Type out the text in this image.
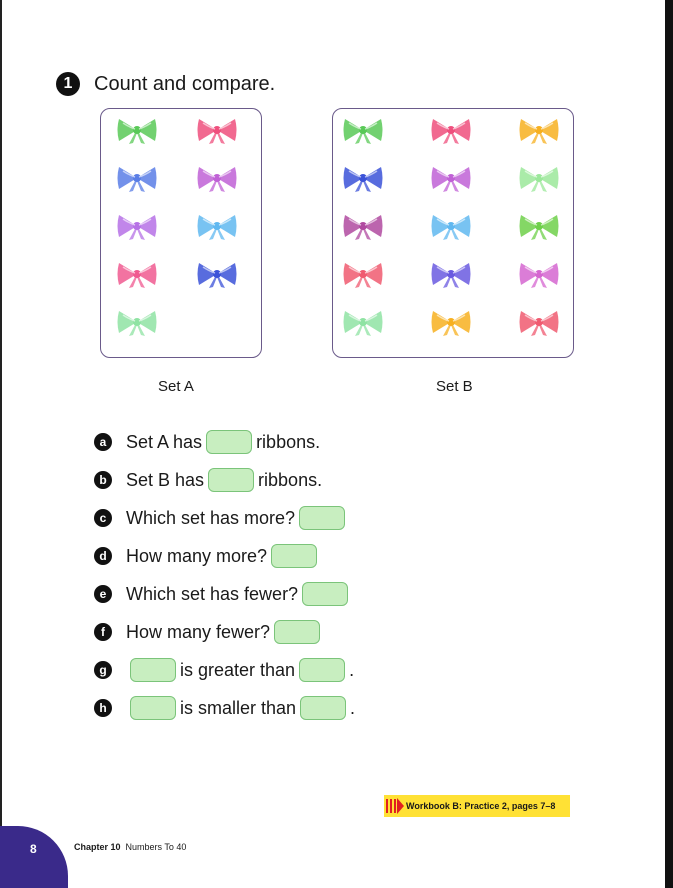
1	Count and compare.
Set A	Set B
a	Set A has	ribbons.
b Set B has	ribbons.
c	Which set has more?
d How many more?
e	Which set has fewer?
f	How many fewer?
g	is greater than	.
h	is smaller than	.
Workbook B: Practice 2, pages 7–8
8	Chapter 10 Numbers To 40
